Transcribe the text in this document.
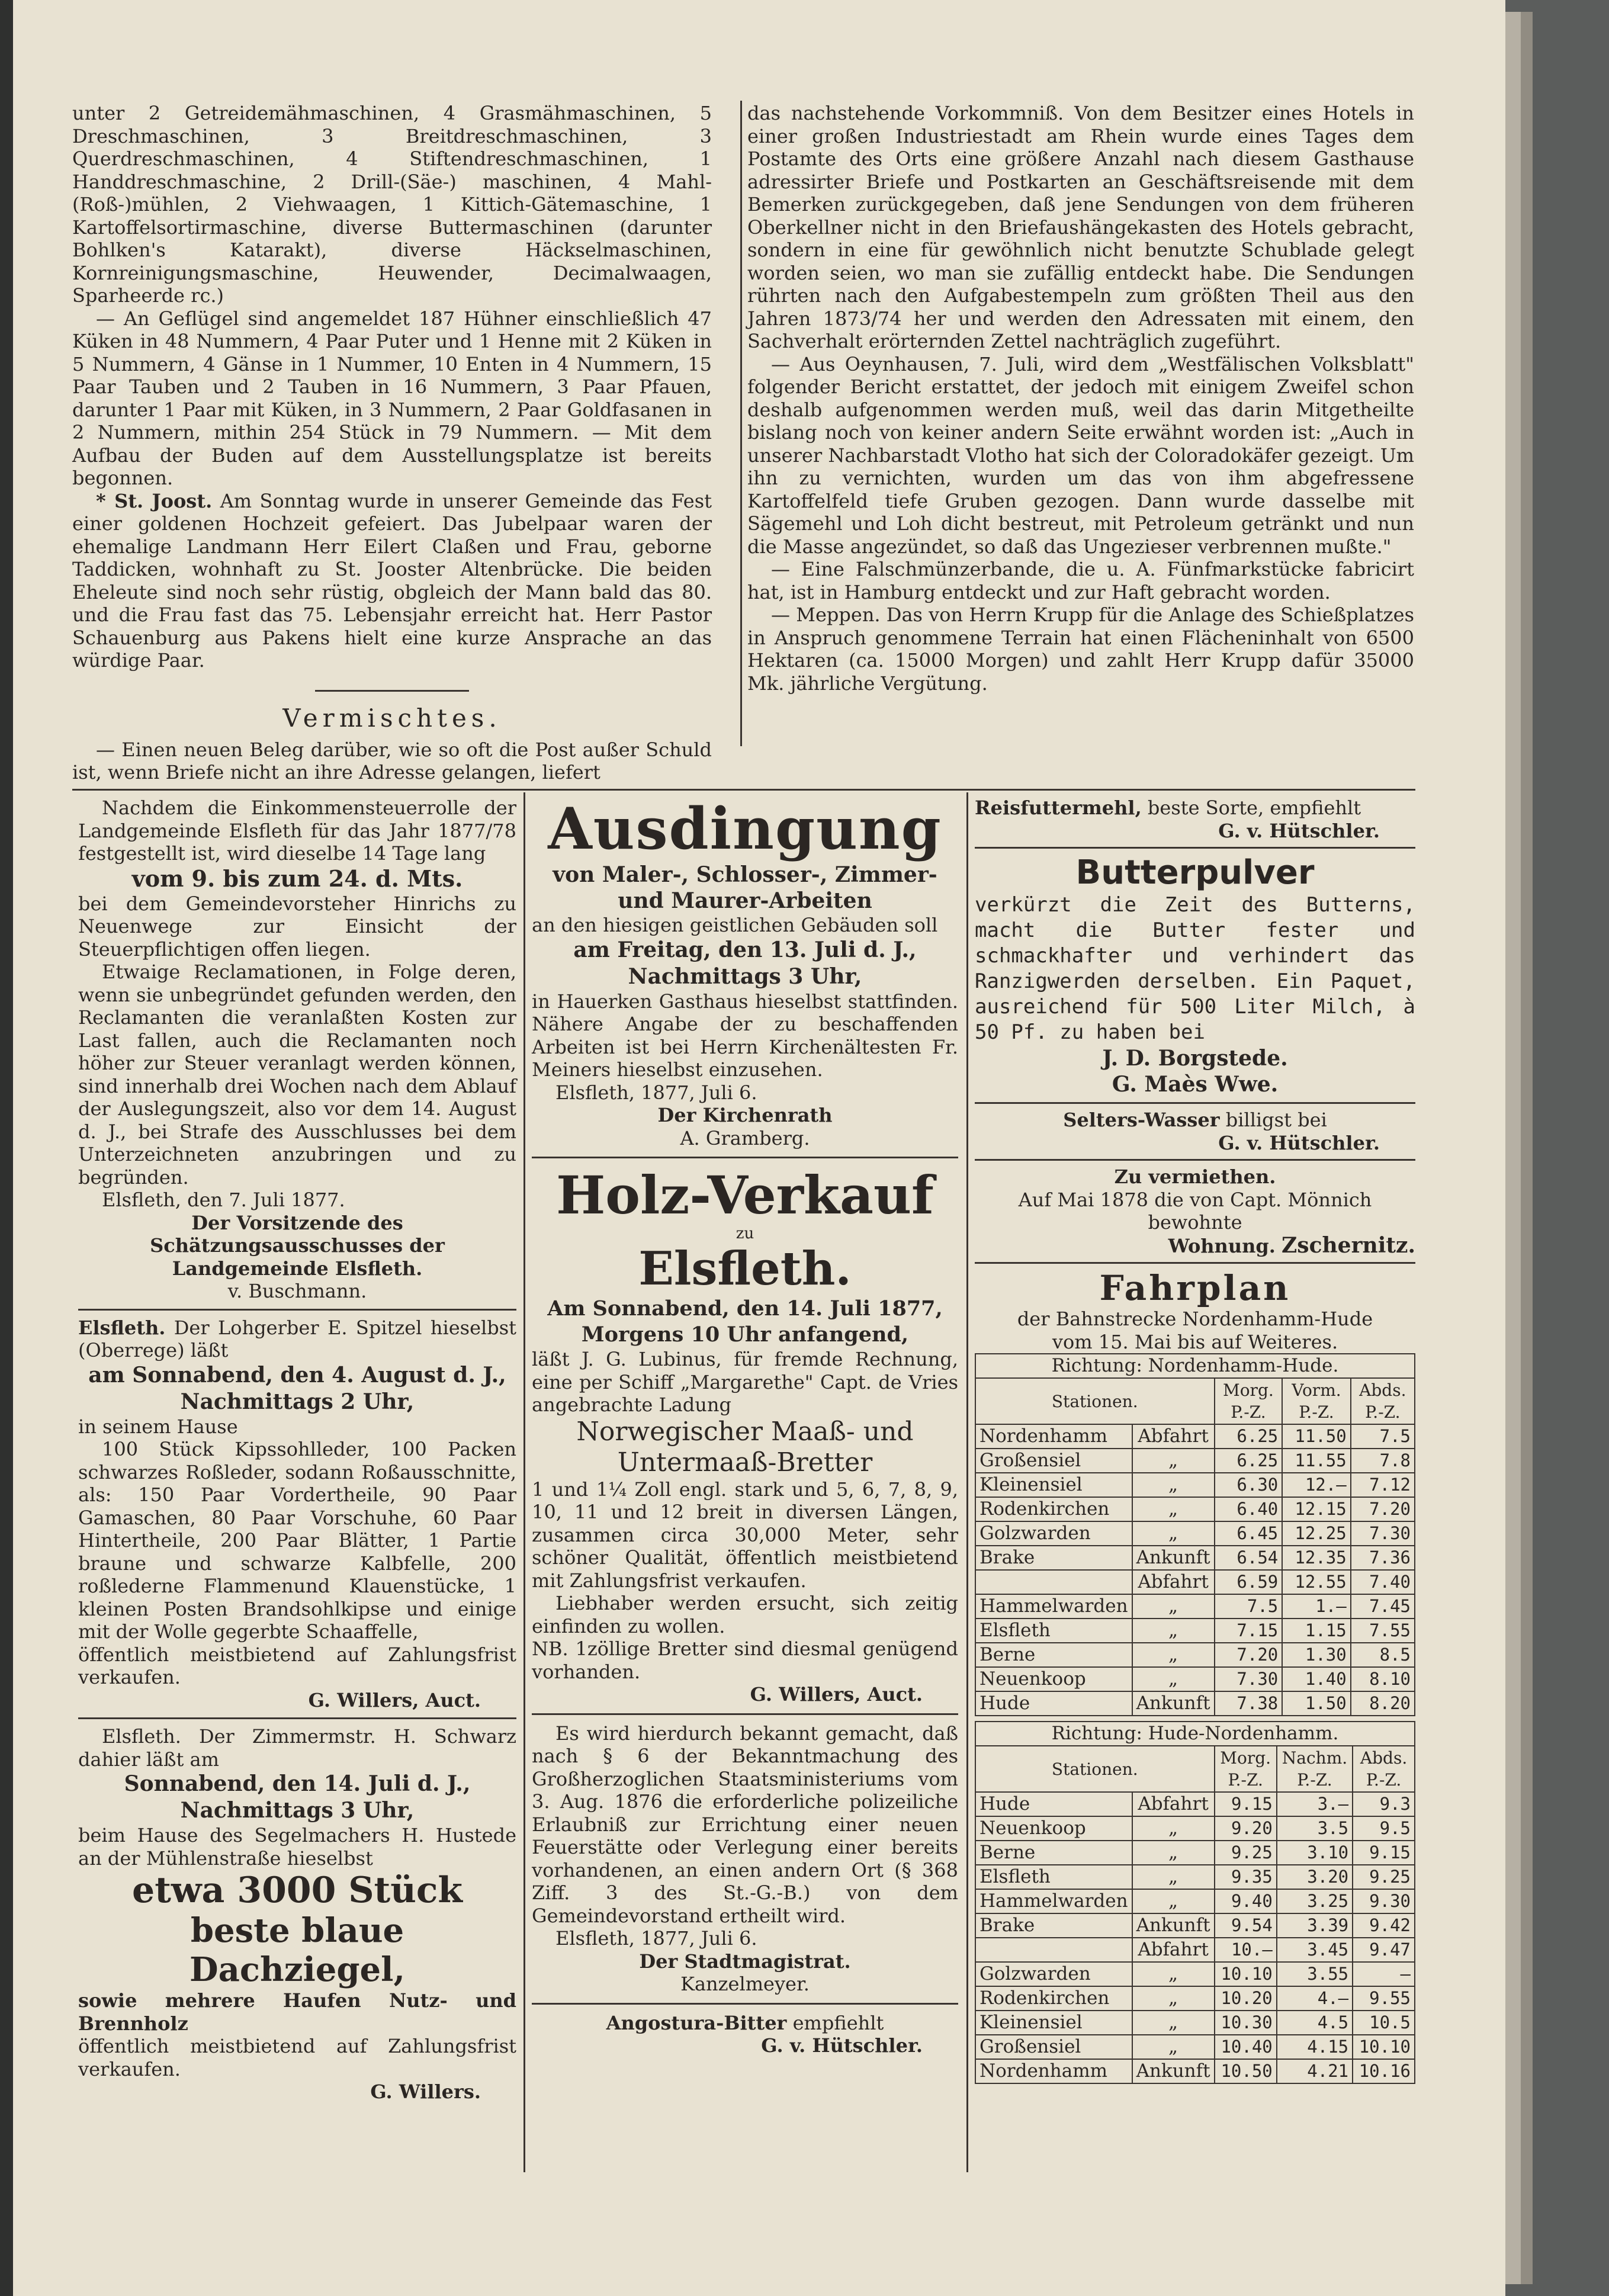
unter 2 Getreidemähmaschinen, 4 Grasmähmaschinen, 5 Dreschmaschinen, 3 Breitdreschmaschinen, 3 Querdreschmaschinen, 4 Stiftendreschmaschinen, 1 Handdreschmaschine, 2 Drill-(Säe-) maschinen, 4 Mahl-(Roß-)mühlen, 2 Viehwaagen, 1 Kittich-Gätemaschine, 1 Kartoffelsortirmaschine, diverse Buttermaschinen (darunter Bohlken's Katarakt), diverse Häckselmaschinen, Kornreinigungsmaschine, Heuwender, Decimalwaagen, Sparheerde rc.)

— An Geflügel sind angemeldet 187 Hühner einschließlich 47 Küken in 48 Nummern, 4 Paar Puter und 1 Henne mit 2 Küken in 5 Nummern, 4 Gänse in 1 Nummer, 10 Enten in 4 Nummern, 15 Paar Tauben und 2 Tauben in 16 Nummern, 3 Paar Pfauen, darunter 1 Paar mit Küken, in 3 Nummern, 2 Paar Goldfasanen in 2 Nummern, mithin 254 Stück in 79 Nummern. — Mit dem Aufbau der Buden auf dem Ausstellungsplatze ist bereits begonnen.

* St. Joost. Am Sonntag wurde in unserer Gemeinde das Fest einer goldenen Hochzeit gefeiert. Das Jubelpaar waren der ehemalige Landmann Herr Eilert Claßen und Frau, geborne Taddicken, wohnhaft zu St. Jooster Altenbrücke. Die beiden Eheleute sind noch sehr rüstig, obgleich der Mann bald das 80. und die Frau fast das 75. Lebensjahr erreicht hat. Herr Pastor Schauenburg aus Pakens hielt eine kurze Ansprache an das würdige Paar.

Vermischtes.

— Einen neuen Beleg darüber, wie so oft die Post außer Schuld ist, wenn Briefe nicht an ihre Adresse gelangen, liefert

das nachstehende Vorkommniß. Von dem Besitzer eines Hotels in einer großen Industriestadt am Rhein wurde eines Tages dem Postamte des Orts eine größere Anzahl nach diesem Gasthause adressirter Briefe und Postkarten an Geschäftsreisende mit dem Bemerken zurückgegeben, daß jene Sendungen von dem früheren Oberkellner nicht in den Briefaushängekasten des Hotels gebracht, sondern in eine für gewöhnlich nicht benutzte Schublade gelegt worden seien, wo man sie zufällig entdeckt habe. Die Sendungen rührten nach den Aufgabestempeln zum größten Theil aus den Jahren 1873/74 her und werden den Adressaten mit einem, den Sachverhalt erörternden Zettel nachträglich zugeführt.

— Aus Oeynhausen, 7. Juli, wird dem „Westfälischen Volksblatt" folgender Bericht erstattet, der jedoch mit einigem Zweifel schon deshalb aufgenommen werden muß, weil das darin Mitgetheilte bislang noch von keiner andern Seite erwähnt worden ist: „Auch in unserer Nachbarstadt Vlotho hat sich der Coloradokäfer gezeigt. Um ihn zu vernichten, wurden um das von ihm abgefressene Kartoffelfeld tiefe Gruben gezogen. Dann wurde dasselbe mit Sägemehl und Loh dicht bestreut, mit Petroleum getränkt und nun die Masse angezündet, so daß das Ungezieser verbrennen mußte."

— Eine Falschmünzerbande, die u. A. Fünfmarkstücke fabricirt hat, ist in Hamburg entdeckt und zur Haft gebracht worden.

— Meppen. Das von Herrn Krupp für die Anlage des Schießplatzes in Anspruch genommene Terrain hat einen Flächeninhalt von 6500 Hektaren (ca. 15000 Morgen) und zahlt Herr Krupp dafür 35000 Mk. jährliche Vergütung.

Nachdem die Einkommensteuerrolle der Landgemeinde Elsfleth für das Jahr 1877/78 festgestellt ist, wird dieselbe 14 Tage lang

vom 9. bis zum 24. d. Mts.

bei dem Gemeindevorsteher Hinrichs zu Neuenwege zur Einsicht der Steuerpflichtigen offen liegen.

Etwaige Reclamationen, in Folge deren, wenn sie unbegründet gefunden werden, den Reclamanten die veranlaßten Kosten zur Last fallen, auch die Reclamanten noch höher zur Steuer veranlagt werden können, sind innerhalb drei Wochen nach dem Ablauf der Auslegungszeit, also vor dem 14. August d. J., bei Strafe des Ausschlusses bei dem Unterzeichneten anzubringen und zu begründen.

Elsfleth, den 7. Juli 1877.

Der Vorsitzende des Schätzungsausschusses der Landgemeinde Elsfleth.

v. Buschmann.

Elsfleth. Der Lohgerber E. Spitzel hieselbst (Oberrege) läßt

am Sonnabend, den 4. August d. J., Nachmittags 2 Uhr,

in seinem Hause

100 Stück Kipssohlleder, 100 Packen schwarzes Roßleder, sodann Roßausschnitte, als: 150 Paar Vordertheile, 90 Paar Gamaschen, 80 Paar Vorschuhe, 60 Paar Hintertheile, 200 Paar Blätter, 1 Partie braune und schwarze Kalbfelle, 200 roßlederne Flammenund Klauenstücke, 1 kleinen Posten Brandsohlkipse und einige mit der Wolle gegerbte Schaaffelle,

öffentlich meistbietend auf Zahlungsfrist verkaufen.

G. Willers, Auct.

Elsfleth. Der Zimmermstr. H. Schwarz dahier läßt am

Sonnabend, den 14. Juli d. J., Nachmittags 3 Uhr,

beim Hause des Segelmachers H. Hustede an der Mühlenstraße hieselbst

etwa 3000 Stück
beste blaue Dachziegel,

sowie mehrere Haufen Nutz- und Brennholz

öffentlich meistbietend auf Zahlungsfrist verkaufen.

G. Willers.

Ausdingung
von Maler-, Schlosser-, Zimmer- und Maurer-Arbeiten

an den hiesigen geistlichen Gebäuden soll

am Freitag, den 13. Juli d. J., Nachmittags 3 Uhr,

in Hauerken Gasthaus hieselbst stattfinden. Nähere Angabe der zu beschaffenden Arbeiten ist bei Herrn Kirchenältesten Fr. Meiners hieselbst einzusehen.

Elsfleth, 1877, Juli 6.

Der Kirchenrath

A. Gramberg.

Holz-Verkauf
zu
Elsfleth.
Am Sonnabend, den 14. Juli 1877, Morgens 10 Uhr anfangend,

läßt J. G. Lubinus, für fremde Rechnung, eine per Schiff „Margarethe" Capt. de Vries angebrachte Ladung

Norwegischer Maaß- und Untermaaß-Bretter

1 und 1¼ Zoll engl. stark und 5, 6, 7, 8, 9, 10, 11 und 12 breit in diversen Längen, zusammen circa 30,000 Meter, sehr schöner Qualität, öffentlich meistbietend mit Zahlungsfrist verkaufen.

Liebhaber werden ersucht, sich zeitig einfinden zu wollen.

NB. 1zöllige Bretter sind diesmal genügend vorhanden.

G. Willers, Auct.

Es wird hierdurch bekannt gemacht, daß nach § 6 der Bekanntmachung des Großherzoglichen Staatsministeriums vom 3. Aug. 1876 die erforderliche polizeiliche Erlaubniß zur Errichtung einer neuen Feuerstätte oder Verlegung einer bereits vorhandenen, an einen andern Ort (§ 368 Ziff. 3 des St.-G.-B.) von dem Gemeindevorstand ertheilt wird.

Elsfleth, 1877, Juli 6.

Der Stadtmagistrat.

Kanzelmeyer.

Angostura-Bitter empfiehlt

G. v. Hütschler.

Reisfuttermehl, beste Sorte, empfiehlt

G. v. Hütschler.

Butterpulver

verkürzt die Zeit des Butterns, macht die Butter fester und schmackhafter und verhindert das Ranzigwerden derselben. Ein Paquet, ausreichend für 500 Liter Milch, à 50 Pf. zu haben bei

J. D. Borgstede.

G. Maès Wwe.

Selters-Wasser billigst bei

G. v. Hütschler.

Zu vermiethen.

Auf Mai 1878 die von Capt. Mönnich bewohnte

Wohnung. Zschernitz.

Fahrplan

der Bahnstrecke Nordenhamm-Hude

vom 15. Mai bis auf Weiteres.

Richtung: Nordenhamm-Hude.				
Stationen.		Morg. P.-Z.	Vorm. P.-Z.	Abds. P.-Z.
Nordenhamm	Abfahrt	6.25	11.50	7.5
Großensiel	„	6.25	11.55	7.8
Kleinensiel	„	6.30	12.—	7.12
Rodenkirchen	„	6.40	12.15	7.20
Golzwarden	„	6.45	12.25	7.30
Brake	Ankunft	6.54	12.35	7.36
	Abfahrt	6.59	12.55	7.40
Hammelwarden	„	7.5	1.—	7.45
Elsfleth	„	7.15	1.15	7.55
Berne	„	7.20	1.30	8.5
Neuenkoop	„	7.30	1.40	8.10
Hude	Ankunft	7.38	1.50	8.20
Richtung: Hude-Nordenhamm.				
Stationen.		Morg. P.-Z.	Nachm. P.-Z.	Abds. P.-Z.
Hude	Abfahrt	9.15	3.—	9.3
Neuenkoop	„	9.20	3.5	9.5
Berne	„	9.25	3.10	9.15
Elsfleth	„	9.35	3.20	9.25
Hammelwarden	„	9.40	3.25	9.30
Brake	Ankunft	9.54	3.39	9.42
	Abfahrt	10.—	3.45	9.47
Golzwarden	„	10.10	3.55	—
Rodenkirchen	„	10.20	4.—	9.55
Kleinensiel	„	10.30	4.5	10.5
Großensiel	„	10.40	4.15	10.10
Nordenhamm	Ankunft	10.50	4.21	10.16
